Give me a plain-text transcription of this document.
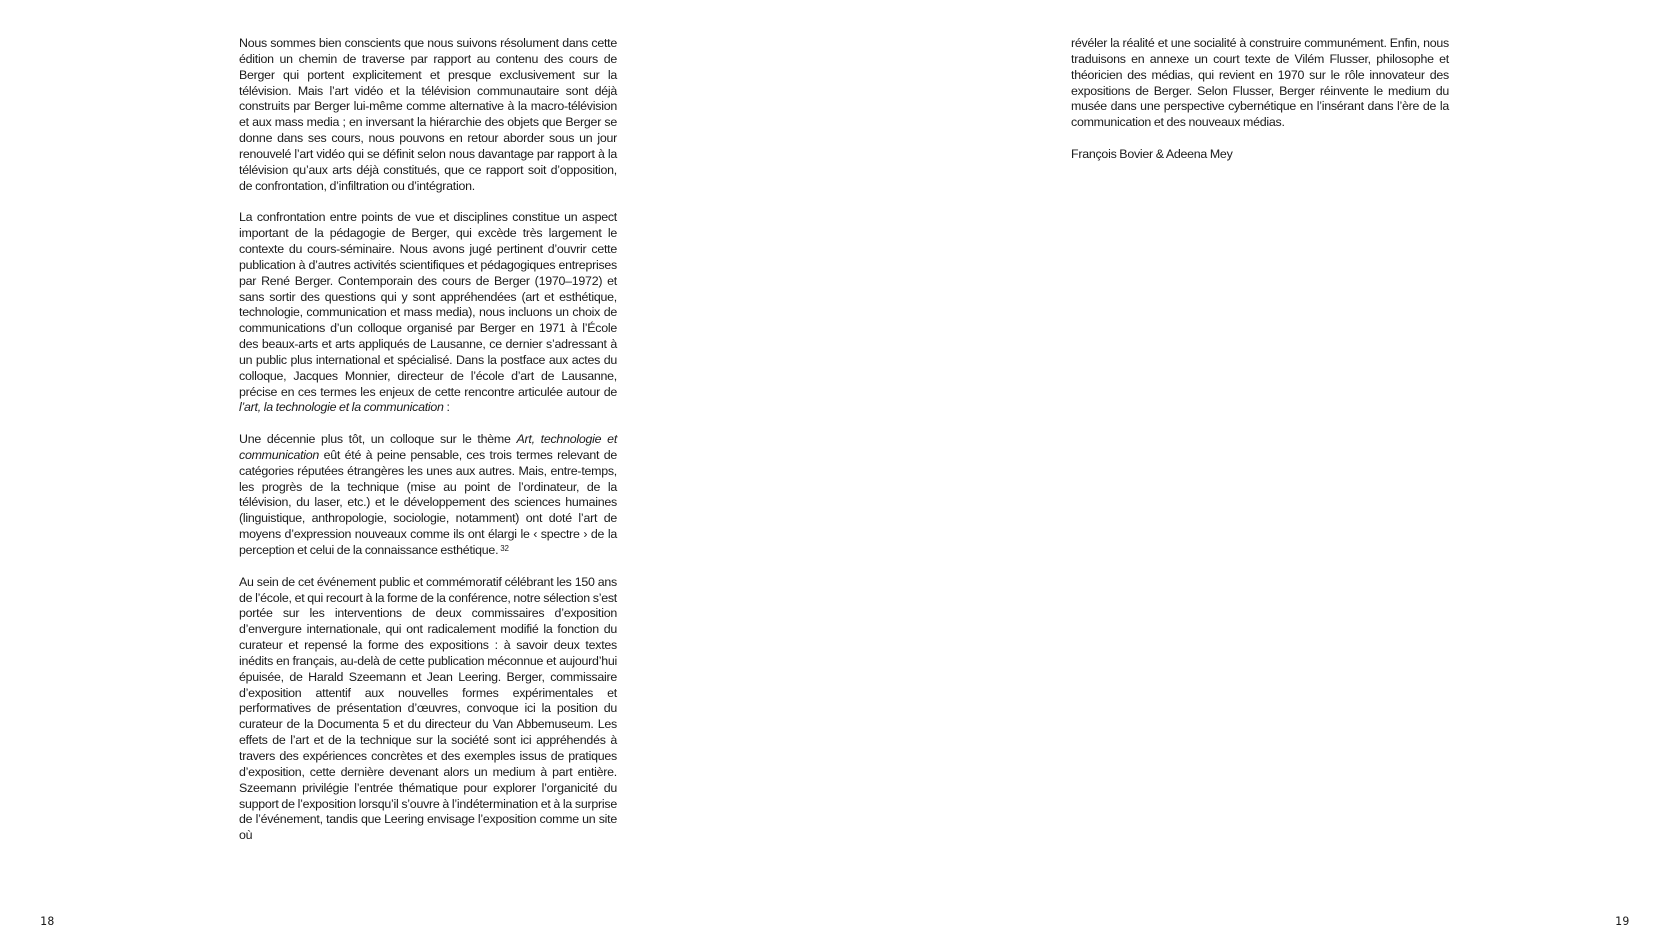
Nous sommes bien conscients que nous suivons résolument dans cette édition un chemin de traverse par rapport au contenu des cours de Berger qui portent explicitement et presque exclusivement sur la télévision. Mais l’art vidéo et la télévision communautaire sont déjà construits par Berger lui-même comme alternative à la macro-télévision et aux mass media ; en inversant la hiérarchie des objets que Berger se donne dans ses cours, nous pouvons en retour aborder sous un jour renouvelé l’art vidéo qui se définit selon nous davantage par rapport à la télévision qu’aux arts déjà constitués, que ce rapport soit d’opposition, de confrontation, d’infiltration ou d’intégration.

La confrontation entre points de vue et disciplines constitue un aspect important de la pédagogie de Berger, qui excède très largement le contexte du cours-séminaire. Nous avons jugé pertinent d’ouvrir cette publication à d’autres activités scientifiques et pédagogiques entreprises par René Berger. Contemporain des cours de Berger (1970–1972) et sans sortir des questions qui y sont appréhendées (art et esthétique, technologie, communication et mass media), nous incluons un choix de communications d’un colloque organisé par Berger en 1971 à l’École des beaux-arts et arts appliqués de Lausanne, ce dernier s’adressant à un public plus international et spécialisé. Dans la postface aux actes du colloque, Jacques Monnier, directeur de l’école d’art de Lausanne, précise en ces termes les enjeux de cette rencontre articulée autour de l’art, la technologie et la communication :

Une décennie plus tôt, un colloque sur le thème Art, technologie et communication eût été à peine pensable, ces trois termes relevant de catégories réputées étrangères les unes aux autres. Mais, entre-temps, les progrès de la technique (mise au point de l’ordinateur, de la télévision, du laser, etc.) et le développement des sciences humaines (linguistique, anthropologie, sociologie, notamment) ont doté l’art de moyens d’expression nouveaux comme ils ont élargi le ‹ spectre › de la perception et celui de la connaissance esthétique. $^{32}$

Au sein de cet événement public et commémoratif célébrant les 150 ans de l’école, et qui recourt à la forme de la conférence, notre sélection s’est portée sur les interventions de deux commissaires d’exposition d’envergure internationale, qui ont radicalement modifié la fonction du curateur et repensé la forme des expositions : à savoir deux textes inédits en français, au-delà de cette publication méconnue et aujourd’hui épuisée, de Harald Szeemann et Jean Leering. Berger, commissaire d’exposition attentif aux nouvelles formes expérimentales et performatives de présentation d’œuvres, convoque ici la position du curateur de la Documenta 5 et du directeur du Van Abbemuseum. Les effets de l’art et de la technique sur la société sont ici appréhendés à travers des expériences concrètes et des exemples issus de pratiques d’exposition, cette dernière devenant alors un medium à part entière. Szeemann privilégie l’entrée thématique pour explorer l’organicité du support de l’exposition lorsqu’il s’ouvre à l’indétermination et à la surprise de l’événement, tandis que Leering envisage l’exposition comme un site où

18

révéler la réalité et une socialité à construire communément. Enfin, nous traduisons en annexe un court texte de Vilém Flusser, philosophe et théoricien des médias, qui revient en 1970 sur le rôle innovateur des expositions de Berger. Selon Flusser, Berger réinvente le medium du musée dans une perspective cybernétique en l’insérant dans l’ère de la communication et des nouveaux médias.

François Bovier & Adeena Mey

19
